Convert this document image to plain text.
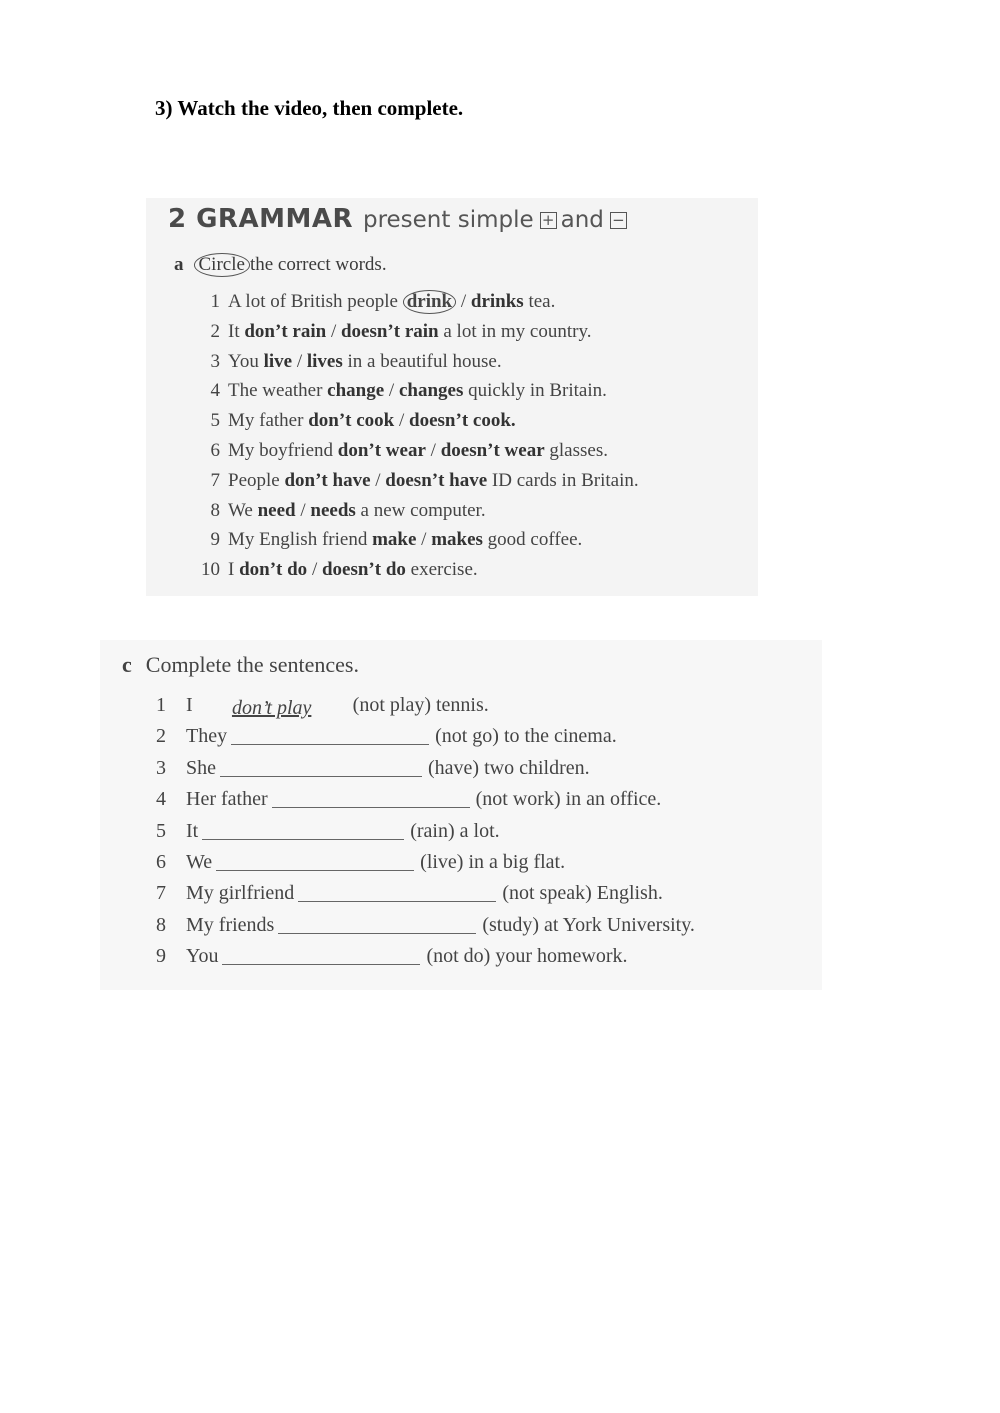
3) Watch the video, then complete.
2 GRAMMAR present simple + and −
a Circle the correct words.
1 A lot of British people drink / drinks tea.
2 It don’t rain / doesn’t rain a lot in my country.
3 You live / lives in a beautiful house.
4 The weather change / changes quickly in Britain.
5 My father don’t cook / doesn’t cook.
6 My boyfriend don’t wear / doesn’t wear glasses.
7 People don’t have / doesn’t have ID cards in Britain.
8 We need / needs a new computer.
9 My English friend make / makes good coffee.
10 I don’t do / doesn’t do exercise.
c Complete the sentences.
1 I don’t play (not play) tennis.
2 They	(not go) to the cinema.
3 She	(have) two children.
4 Her father	(not work) in an office.
5 It	(rain) a lot.
6 We	(live) in a big flat.
7 My girlfriend	(not speak) English.
8 My friends	(study) at York University.
9 You	(not do) your homework.
